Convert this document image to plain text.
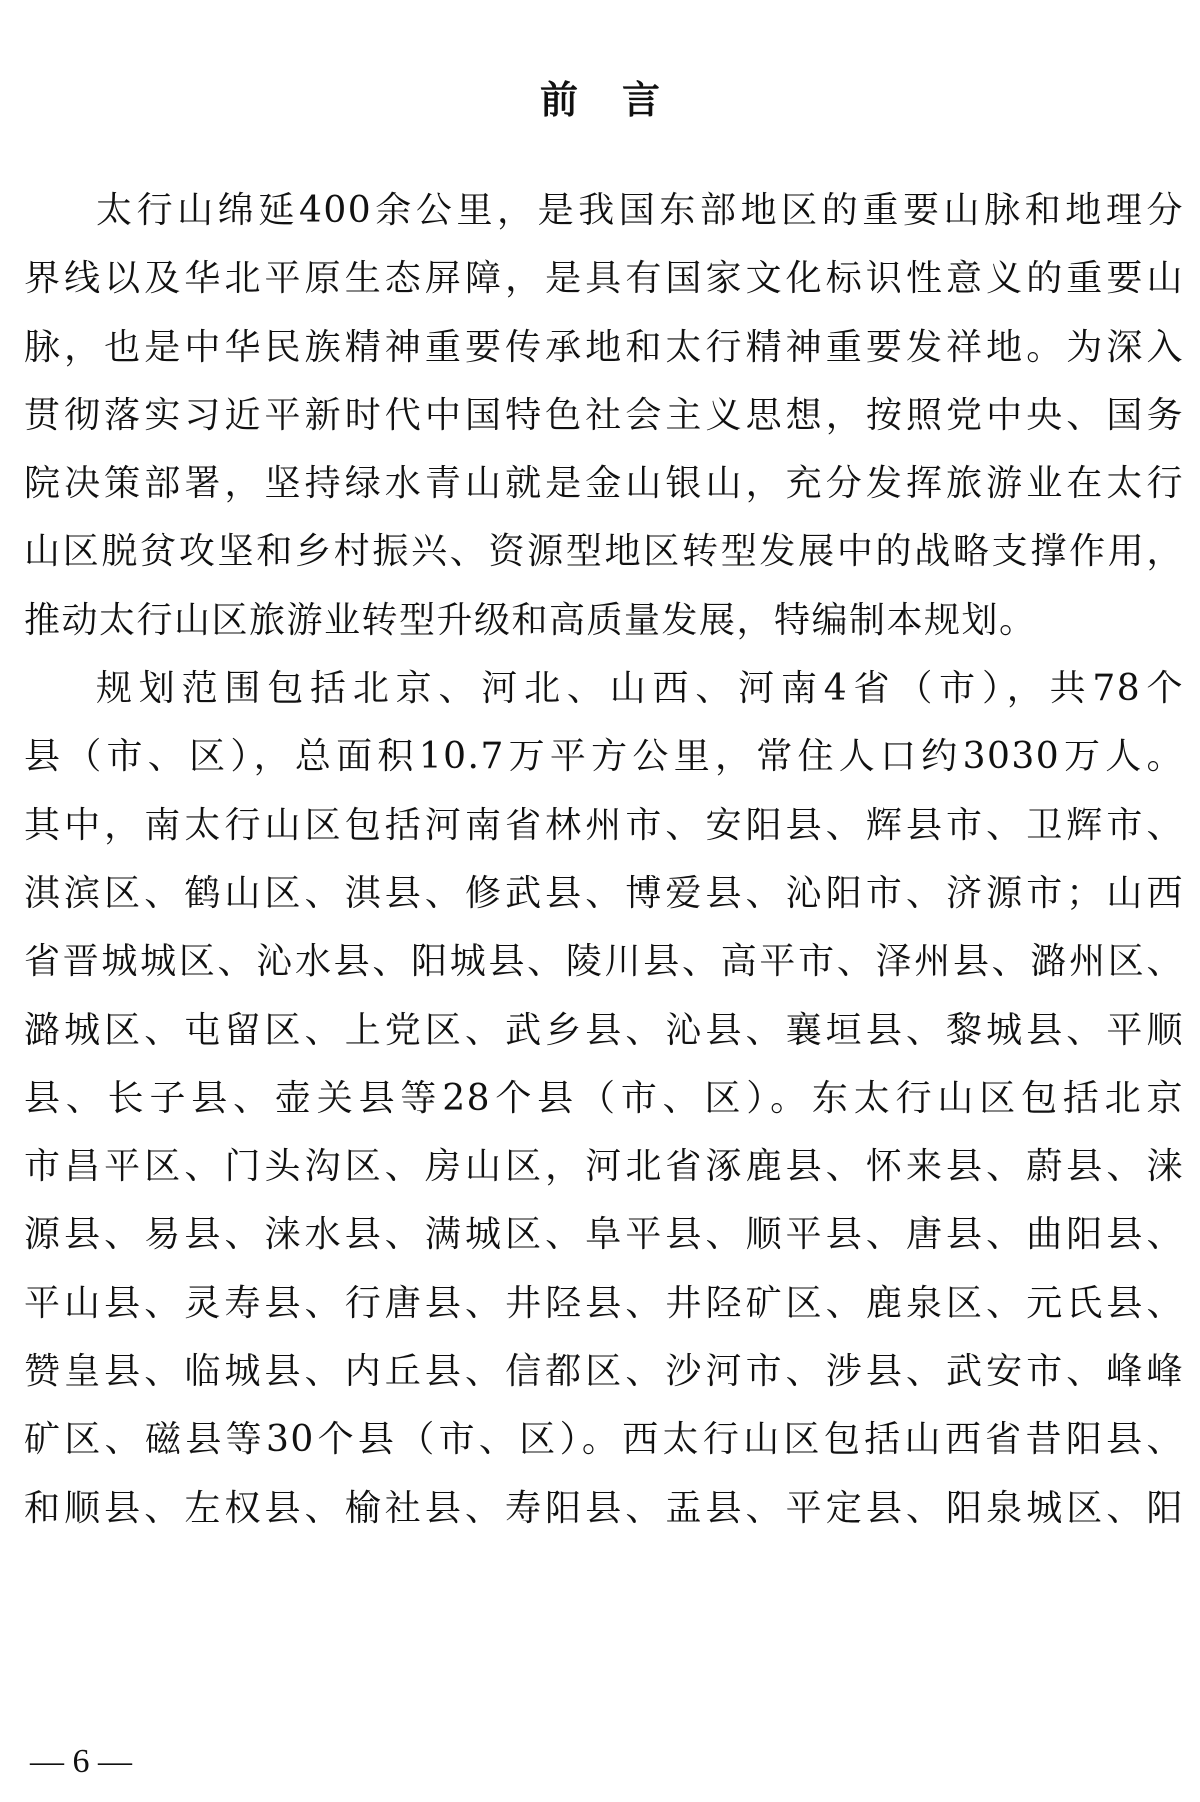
前言
太行山绵延400余公里，是我国东部地区的重要山脉和地理分
界线以及华北平原生态屏障，是具有国家文化标识性意义的重要山
脉，也是中华民族精神重要传承地和太行精神重要发祥地。为深入
贯彻落实习近平新时代中国特色社会主义思想，按照党中央、国务
院决策部署，坚持绿水青山就是金山银山，充分发挥旅游业在太行
山区脱贫攻坚和乡村振兴、资源型地区转型发展中的战略支撑作用，
推动太行山区旅游业转型升级和高质量发展，特编制本规划。
规划范围包括北京、河北、山西、河南4省（市），共78个
县（市、区），总面积10.7万平方公里，常住人口约3030万人。
其中，南太行山区包括河南省林州市、安阳县、辉县市、卫辉市、
淇滨区、鹤山区、淇县、修武县、博爱县、沁阳市、济源市；山西
省晋城城区、沁水县、阳城县、陵川县、高平市、泽州县、潞州区、
潞城区、屯留区、上党区、武乡县、沁县、襄垣县、黎城县、平顺
县、长子县、壶关县等28个县（市、区）。东太行山区包括北京
市昌平区、门头沟区、房山区，河北省涿鹿县、怀来县、蔚县、涞
源县、易县、涞水县、满城区、阜平县、顺平县、唐县、曲阳县、
平山县、灵寿县、行唐县、井陉县、井陉矿区、鹿泉区、元氏县、
赞皇县、临城县、内丘县、信都区、沙河市、涉县、武安市、峰峰
矿区、磁县等30个县（市、区）。西太行山区包括山西省昔阳县、
和顺县、左权县、榆社县、寿阳县、盂县、平定县、阳泉城区、阳
— 6 —
